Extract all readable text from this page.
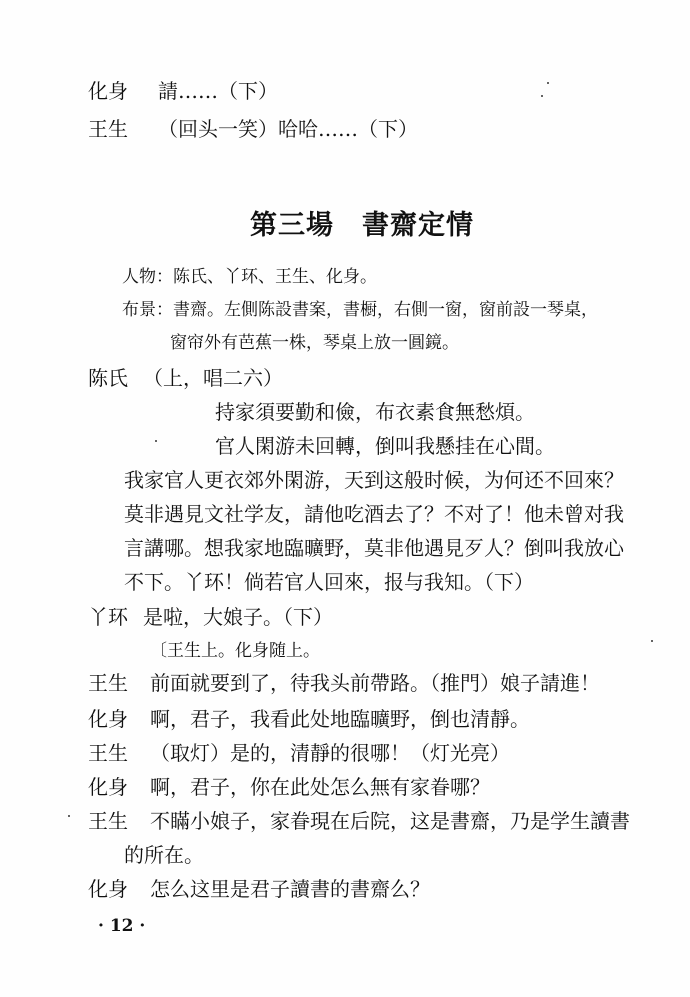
化身 請……（下）
王生 （回头一笑）哈哈……（下）
第三場　書齋定情
人物：陈氏、丫环、王生、化身。
布景：書齋。左側陈設書案，書橱，右側一窗，窗前設一琴桌，
窗帘外有芭蕉一株，琴桌上放一圓鏡。
陈氏 （上，唱二六）
持家須要勤和儉，布衣素食無愁煩。
官人閑游未回轉，倒叫我懸挂在心間。
我家官人更衣郊外閑游，天到这般时候，为何还不回來？
莫非遇見文社学友，請他吃酒去了？不对了！他未曾对我
言講哪。想我家地臨曠野，莫非他遇見歹人？倒叫我放心
不下。丫环！倘若官人回來，报与我知。（下）
丫环 是啦，大娘子。（下）
〔王生上。化身随上。
王生 前面就要到了，待我头前帶路。（推門）娘子請進！
化身 啊，君子，我看此处地臨曠野，倒也清靜。
王生 （取灯）是的，清靜的很哪！（灯光亮）
化身 啊，君子，你在此处怎么無有家眷哪？
王生 不瞞小娘子，家眷現在后院，这是書齋，乃是学生讀書
的所在。
化身 怎么这里是君子讀書的書齋么？
· 12 ·
